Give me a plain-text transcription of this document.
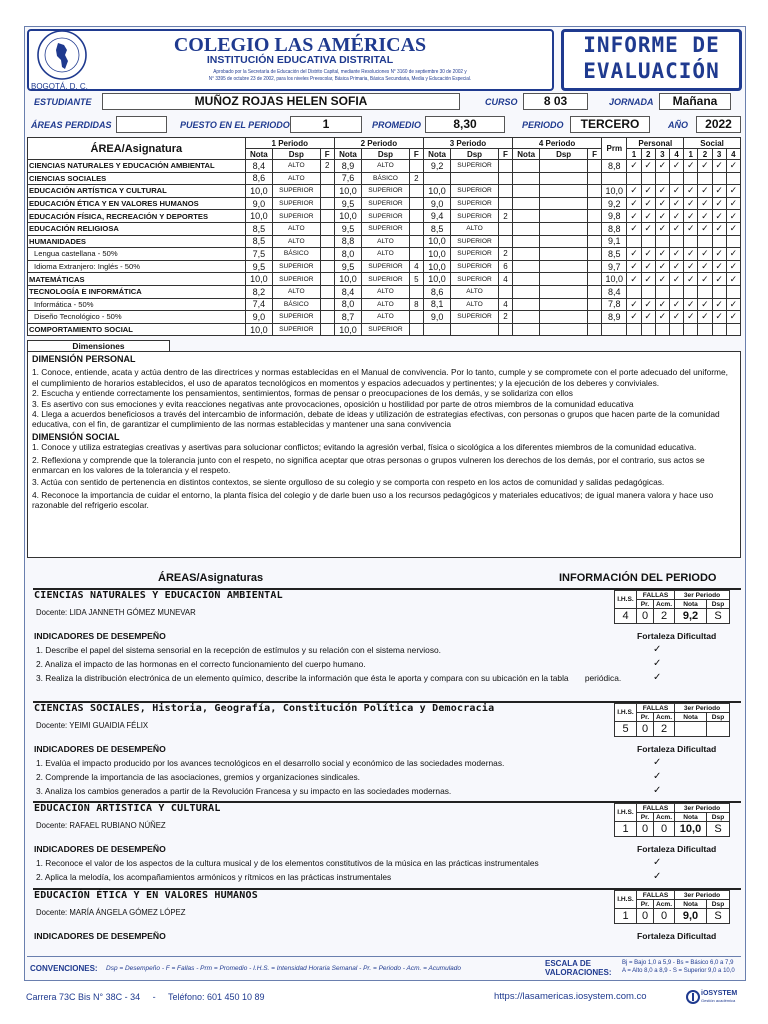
BOGOTÁ, D. C.
COLEGIO LAS AMÉRICAS
INSTITUCIÓN EDUCATIVA DISTRITAL
Aprobado por la Secretaría de Educación del Distrito Capital, mediante Resoluciones N° 3160 de septiembre 30 de 2002 y
N° 3395 de octubre 23 de 2002, para los niveles Preescolar, Básica Primaria, Básica Secundaria, Media y Educación Especial.
INFORME DE
EVALUACIÓN
ESTUDIANTE	MUÑOZ ROJAS HELEN SOFIA	CURSO	8 03	JORNADA	Mañana
ÁREAS PERDIDAS	PUESTO EN EL PERIODO	1	PROMEDIO	8,30	PERIODO	TERCERO	AÑO	2022
ÁREA/Asignatura	1 Periodo			2 Periodo			3 Periodo			4 Periodo			Prm	Personal				Social			
	Nota	Dsp	F	Nota	Dsp	F	Nota	Dsp	F	Nota	Dsp	F		1	2	3	4	1	2	3	4
CIENCIAS NATURALES Y EDUCACIÓN AMBIENTAL	8,4	ALTO	2	8,9	ALTO		9,2	SUPERIOR					8,8	✓	✓	✓	✓	✓	✓	✓	✓
CIENCIAS SOCIALES	8,6	ALTO		7,6	BÁSICO	2															
EDUCACIÓN ARTÍSTICA Y CULTURAL	10,0	SUPERIOR		10,0	SUPERIOR		10,0	SUPERIOR					10,0	✓	✓	✓	✓	✓	✓	✓	✓
EDUCACIÓN ÉTICA Y EN VALORES HUMANOS	9,0	SUPERIOR		9,5	SUPERIOR		9,0	SUPERIOR					9,2	✓	✓	✓	✓	✓	✓	✓	✓
EDUCACIÓN FÍSICA, RECREACIÓN Y DEPORTES	10,0	SUPERIOR		10,0	SUPERIOR		9,4	SUPERIOR	2				9,8	✓	✓	✓	✓	✓	✓	✓	✓
EDUCACIÓN RELIGIOSA	8,5	ALTO		9,5	SUPERIOR		8,5	ALTO					8,8	✓	✓	✓	✓	✓	✓	✓	✓
HUMANIDADES	8,5	ALTO		8,8	ALTO		10,0	SUPERIOR					9,1								
Lengua castellana - 50%	7,5	BÁSICO		8,0	ALTO		10,0	SUPERIOR	2				8,5	✓	✓	✓	✓	✓	✓	✓	✓
Idioma Extranjero: Inglés - 50%	9,5	SUPERIOR		9,5	SUPERIOR	4	10,0	SUPERIOR	6				9,7	✓	✓	✓	✓	✓	✓	✓	✓
MATEMÁTICAS	10,0	SUPERIOR		10,0	SUPERIOR	5	10,0	SUPERIOR	4				10,0	✓	✓	✓	✓	✓	✓	✓	✓
TECNOLOGÍA E INFORMÁTICA	8,2	ALTO		8,4	ALTO		8,6	ALTO					8,4								
Informática - 50%	7,4	BÁSICO		8,0	ALTO	8	8,1	ALTO	4				7,8	✓	✓	✓	✓	✓	✓	✓	✓
Diseño Tecnológico - 50%	9,0	SUPERIOR		8,7	ALTO		9,0	SUPERIOR	2				8,9	✓	✓	✓	✓	✓	✓	✓	✓
COMPORTAMIENTO SOCIAL	10,0	SUPERIOR		10,0	SUPERIOR																
Dimensiones

DIMENSIÓN PERSONAL

1. Conoce, entiende, acata y actúa dentro de las directrices y normas establecidas en el Manual de convivencia. Por lo tanto, cumple y se compromete con el porte adecuado del uniforme, el cumplimiento de horarios establecidos, el uso de aparatos tecnológicos en momentos y espacios adecuados y pertinentes; y la ejecución de los deberes y conviviales.

2. Escucha y entiende correctamente los pensamientos, sentimientos, formas de pensar o preocupaciones de los demás, y se solidariza con ellos

3. Es asertivo con sus emociones y evita reacciones negativas ante provocaciones, oposición u hostilidad por parte de otros miembros de la comunidad educativa

4. Llega a acuerdos beneficiosos a través del intercambio de información, debate de ideas y utilización de estrategias efectivas, con personas o grupos que hacen parte de la comunidad educativa, con el fin, de garantizar el cumplimiento de las normas establecidas y mantener una sana convivencia

DIMENSIÓN SOCIAL

1. Conoce y utiliza estrategias creativas y asertivas para solucionar conflictos; evitando la agresión verbal, física o sicológica a los diferentes miembros de la comunidad educativa.

2. Reflexiona y comprende que la tolerancia junto con el respeto, no significa aceptar que otras personas o grupos vulneren los derechos de los demás, por el contrario, sus actos se enmarcan en los valores de la tolerancia y el respeto.

3. Actúa con sentido de pertenencia en distintos contextos, se siente orgulloso de su colegio y se comporta con respeto en los actos de comunidad y salidas pedagógicas.

4. Reconoce la importancia de cuidar el entorno, la planta física del colegio y de darle buen uso a los recursos pedagógicos y materiales educativos; de igual manera valora y hace uso razonable del refrigerio escolar.

ÁREAS/Asignaturas	INFORMACIÓN DEL PERIODO
CIENCIAS NATURALES Y EDUCACIÓN AMBIENTAL
Docente: LIDA JANNETH GÓMEZ MUNEVAR
I.H.S.	FALLAS		3er Periodo	
	Pr.	Acm.	Nota	Dsp
4	0	2	9,2	S
INDICADORES DE DESEMPEÑO	Fortaleza Dificultad
1. Describe el papel del sistema sensorial en la recepción de estímulos y su relación con el sistema nervioso.	✓
2. Analiza el impacto de las hormonas en el correcto funcionamiento del cuerpo humano.	✓
3. Realiza la distribución electrónica de un elemento químico, describe la información que ésta le aporta y compara con su ubicación en la tabla       periódica.	✓
CIENCIAS SOCIALES, Historia, Geografía, Constitución Política y Democracia
Docente: YEIMI GUAIDIA FÉLIX
I.H.S.	FALLAS		3er Periodo	
	Pr.	Acm.	Nota	Dsp
5	0	2		
INDICADORES DE DESEMPEÑO	Fortaleza Dificultad
1. Evalúa el impacto producido por los avances tecnológicos en el desarrollo social y económico de las sociedades modernas.	✓
2. Comprende la importancia de las asociaciones, gremios y organizaciones sindicales.	✓
3. Analiza los cambios generados a partir de la Revolución Francesa y su impacto en las sociedades modernas.	✓
EDUCACIÓN ARTÍSTICA Y CULTURAL
Docente: RAFAEL RUBIANO NÚÑEZ
I.H.S.	FALLAS		3er Periodo	
	Pr.	Acm.	Nota	Dsp
1	0	0	10,0	S
INDICADORES DE DESEMPEÑO	Fortaleza Dificultad
1. Reconoce el valor de los aspectos de la cultura musical y de los elementos constitutivos de la música en las prácticas instrumentales	✓
2. Aplica la melodía, los acompañamientos armónicos y rítmicos en las prácticas instrumentales	✓
EDUCACIÓN ÉTICA Y EN VALORES HUMANOS
Docente: MARÍA ÁNGELA GÓMEZ LÓPEZ
I.H.S.	FALLAS		3er Periodo	
	Pr.	Acm.	Nota	Dsp
1	0	0	9,0	S
INDICADORES DE DESEMPEÑO	Fortaleza Dificultad
CONVENCIONES: Dsp = Desempeño - F = Fallas - Prm = Promedio - I.H.S. = Intensidad Horaria Semanal - Pr. = Periodo - Acm. = Acumulado
ESCALA DE
VALORACIONES:
Bj = Bajo 1,0 a 5,9 - Bs = Básico 6,0 a 7,9
A = Alto 8,0 a 8,9 - S = Superior 9,0 a 10,0
Carrera 73C Bis N° 38C - 34     -     Teléfono: 601 450 10 89	https://lasamericas.iosystem.com.co	iOSYSTEM
Gestión académica
